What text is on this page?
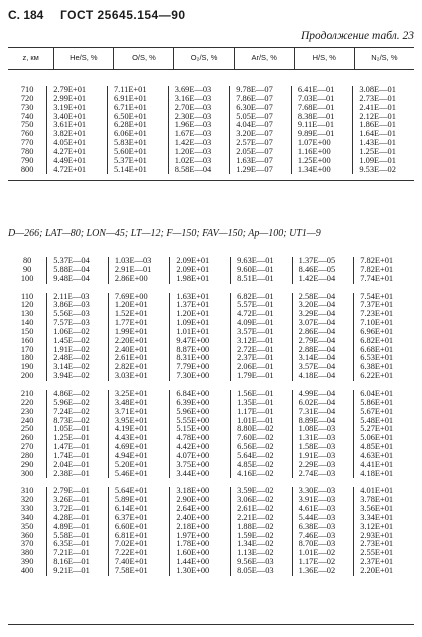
С. 184 ГОСТ 25645.154—90
Продолжение табл. 23
z, км	He/S, %	O/S, %	O₂/S, %	Ar/S, %	H/S, %	N₂/S, %
710	2.79E+01	7.11E+01	3.69E—03	9.78E—07	6.41E—01	3.08E—01
720	2.99E+01	6.91E+01	3.16E—03	7.86E—07	7.03E—01	2.73E—01
730	3.19E+01	6.71E+01	2.70E—03	6.30E—07	7.68E—01	2.41E—01
740	3.40E+01	6.50E+01	2.30E—03	5.05E—07	8.38E—01	2.12E—01
750	3.61E+01	6.28E+01	1.96E—03	4.04E—07	9.11E—01	1.86E—01
760	3.82E+01	6.06E+01	1.67E—03	3.20E—07	9.89E—01	1.64E—01
770	4.05E+01	5.83E+01	1.42E—03	2.57E—07	1.07E+00	1.43E—01
780	4.27E+01	5.60E+01	1.20E—03	2.05E—07	1.16E+00	1.25E—01
790	4.49E+01	5.37E+01	1.02E—03	1.63E—07	1.25E+00	1.09E—01
800	4.72E+01	5.14E+01	8.58E—04	1.29E—07	1.34E+00	9.53E—02
D—266; LAT—80; LON—45; LT—12; F—150; FAV—150; Ap—100; UT1—9
80	5.37E—04	1.03E—03	2.09E+01	9.63E—01	1.37E—05	7.82E+01
90	5.88E—04	2.91E—01	2.09E+01	9.60E—01	8.46E—05	7.82E+01
100	9.48E—04	2.86E+00	1.98E+01	8.51E—01	1.42E—04	7.74E+01

110	2.11E—03	7.69E+00	1.63E+01	6.82E—01	2.58E—04	7.54E+01
120	3.86E—03	1.20E+01	1.37E+01	5.57E—01	3.20E—04	7.37E+01
130	5.56E—03	1.52E+01	1.20E+01	4.72E—01	3.29E—04	7.23E+01
140	7.57E—03	1.77E+01	1.09E+01	4.09E—01	3.07E—04	7.10E+01
150	1.06E—02	1.99E+01	1.01E+01	3.57E—01	2.86E—04	6.96E+01
160	1.45E—02	2.20E+01	9.47E+00	3.12E—01	2.79E—04	6.82E+01
170	1.91E—02	2.40E+01	8.87E+00	2.72E—01	2.88E—04	6.68E+01
180	2.48E—02	2.61E+01	8.31E+00	2.37E—01	3.14E—04	6.53E+01
190	3.14E—02	2.82E+01	7.79E+00	2.06E—01	3.57E—04	6.38E+01
200	3.94E—02	3.03E+01	7.30E+00	1.79E—01	4.18E—04	6.22E+01

210	4.86E—02	3.25E+01	6.84E+00	1.56E—01	4.99E—04	6.04E+01
220	5.96E—02	3.48E+01	6.39E+00	1.35E—01	6.02E—04	5.86E+01
230	7.24E—02	3.71E+01	5.96E+00	1.17E—01	7.31E—04	5.67E+01
240	8.73E—02	3.95E+01	5.55E+00	1.01E—01	8.89E—04	5.48E+01
250	1.05E—01	4.19E+01	5.15E+00	8.80E—02	1.08E—03	5.27E+01
260	1.25E—01	4.43E+01	4.78E+00	7.60E—02	1.31E—03	5.06E+01
270	1.47E—01	4.69E+01	4.42E+00	6.56E—02	1.58E—03	4.85E+01
280	1.74E—01	4.94E+01	4.07E+00	5.64E—02	1.91E—03	4.63E+01
290	2.04E—01	5.20E+01	3.75E+00	4.85E—02	2.29E—03	4.41E+01
300	2.38E—01	5.46E+01	3.44E+00	4.16E—02	2.74E—03	4.18E+01

310	2.79E—01	5.64E+01	3.18E+00	3.59E—02	3.30E—03	4.01E+01
320	3.26E—01	5.89E+01	2.90E+00	3.06E—02	3.91E—03	3.78E+01
330	3.72E—01	6.14E+01	2.64E+00	2.61E—02	4.61E—03	3.56E+01
340	4.28E—01	6.37E+01	2.40E+00	2.21E—02	5.44E—03	3.34E+01
350	4.89E—01	6.60E+01	2.18E+00	1.88E—02	6.38E—03	3.12E+01
360	5.58E—01	6.81E+01	1.97E+00	1.59E—02	7.46E—03	2.93E+01
370	6.35E—01	7.02E+01	1.78E+00	1.34E—02	8.70E—03	2.73E+01
380	7.21E—01	7.22E+01	1.60E+00	1.13E—02	1.01E—02	2.55E+01
390	8.16E—01	7.40E+01	1.44E+00	9.56E—03	1.17E—02	2.37E+01
400	9.21E—01	7.58E+01	1.30E+00	8.05E—03	1.36E—02	2.20E+01
